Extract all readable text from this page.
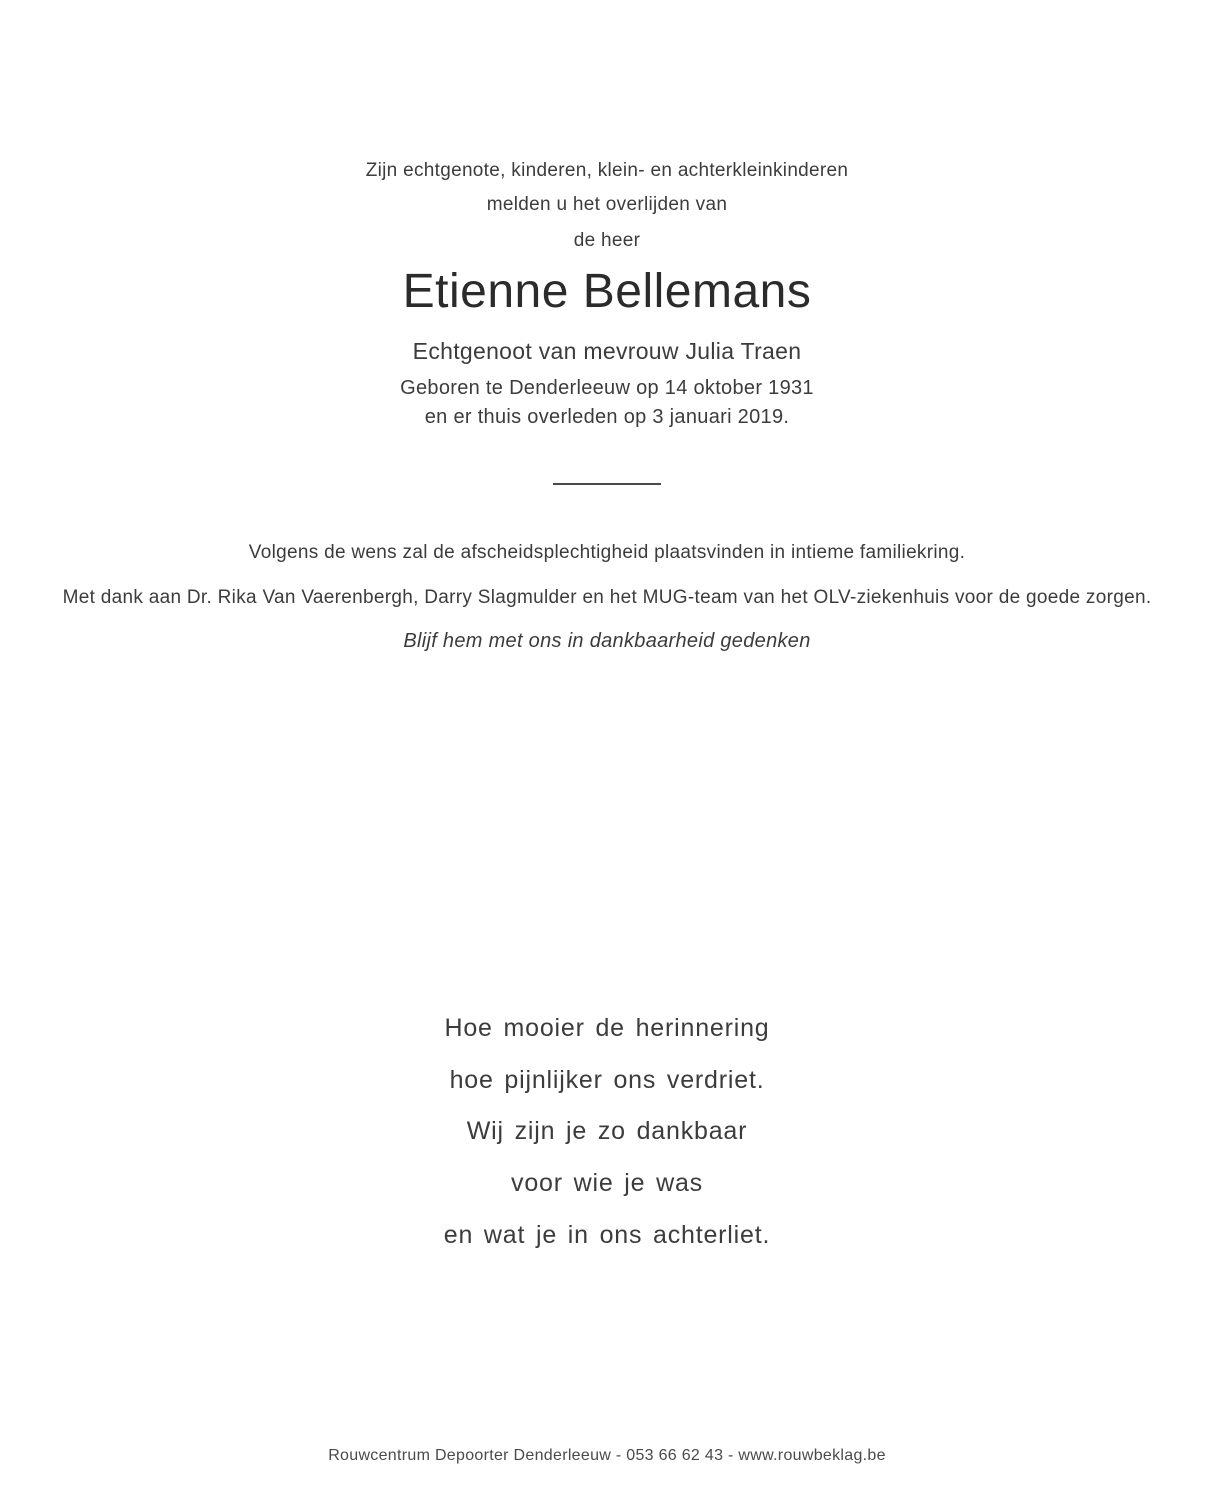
Zijn echtgenote, kinderen, klein- en achterkleinkinderen
melden u het overlijden van
de heer
Etienne Bellemans
Echtgenoot van mevrouw Julia Traen
Geboren te Denderleeuw op 14 oktober 1931
en er thuis overleden op 3 januari 2019.
Volgens de wens zal de afscheidsplechtigheid plaatsvinden in intieme familiekring.
Met dank aan Dr. Rika Van Vaerenbergh, Darry Slagmulder en het MUG-team van het OLV-ziekenhuis voor de goede zorgen.
Blijf hem met ons in dankbaarheid gedenken
Hoe mooier de herinnering
hoe pijnlijker ons verdriet.
Wij zijn je zo dankbaar
voor wie je was
en wat je in ons achterliet.
Rouwcentrum Depoorter Denderleeuw - 053 66 62 43 - www.rouwbeklag.be
